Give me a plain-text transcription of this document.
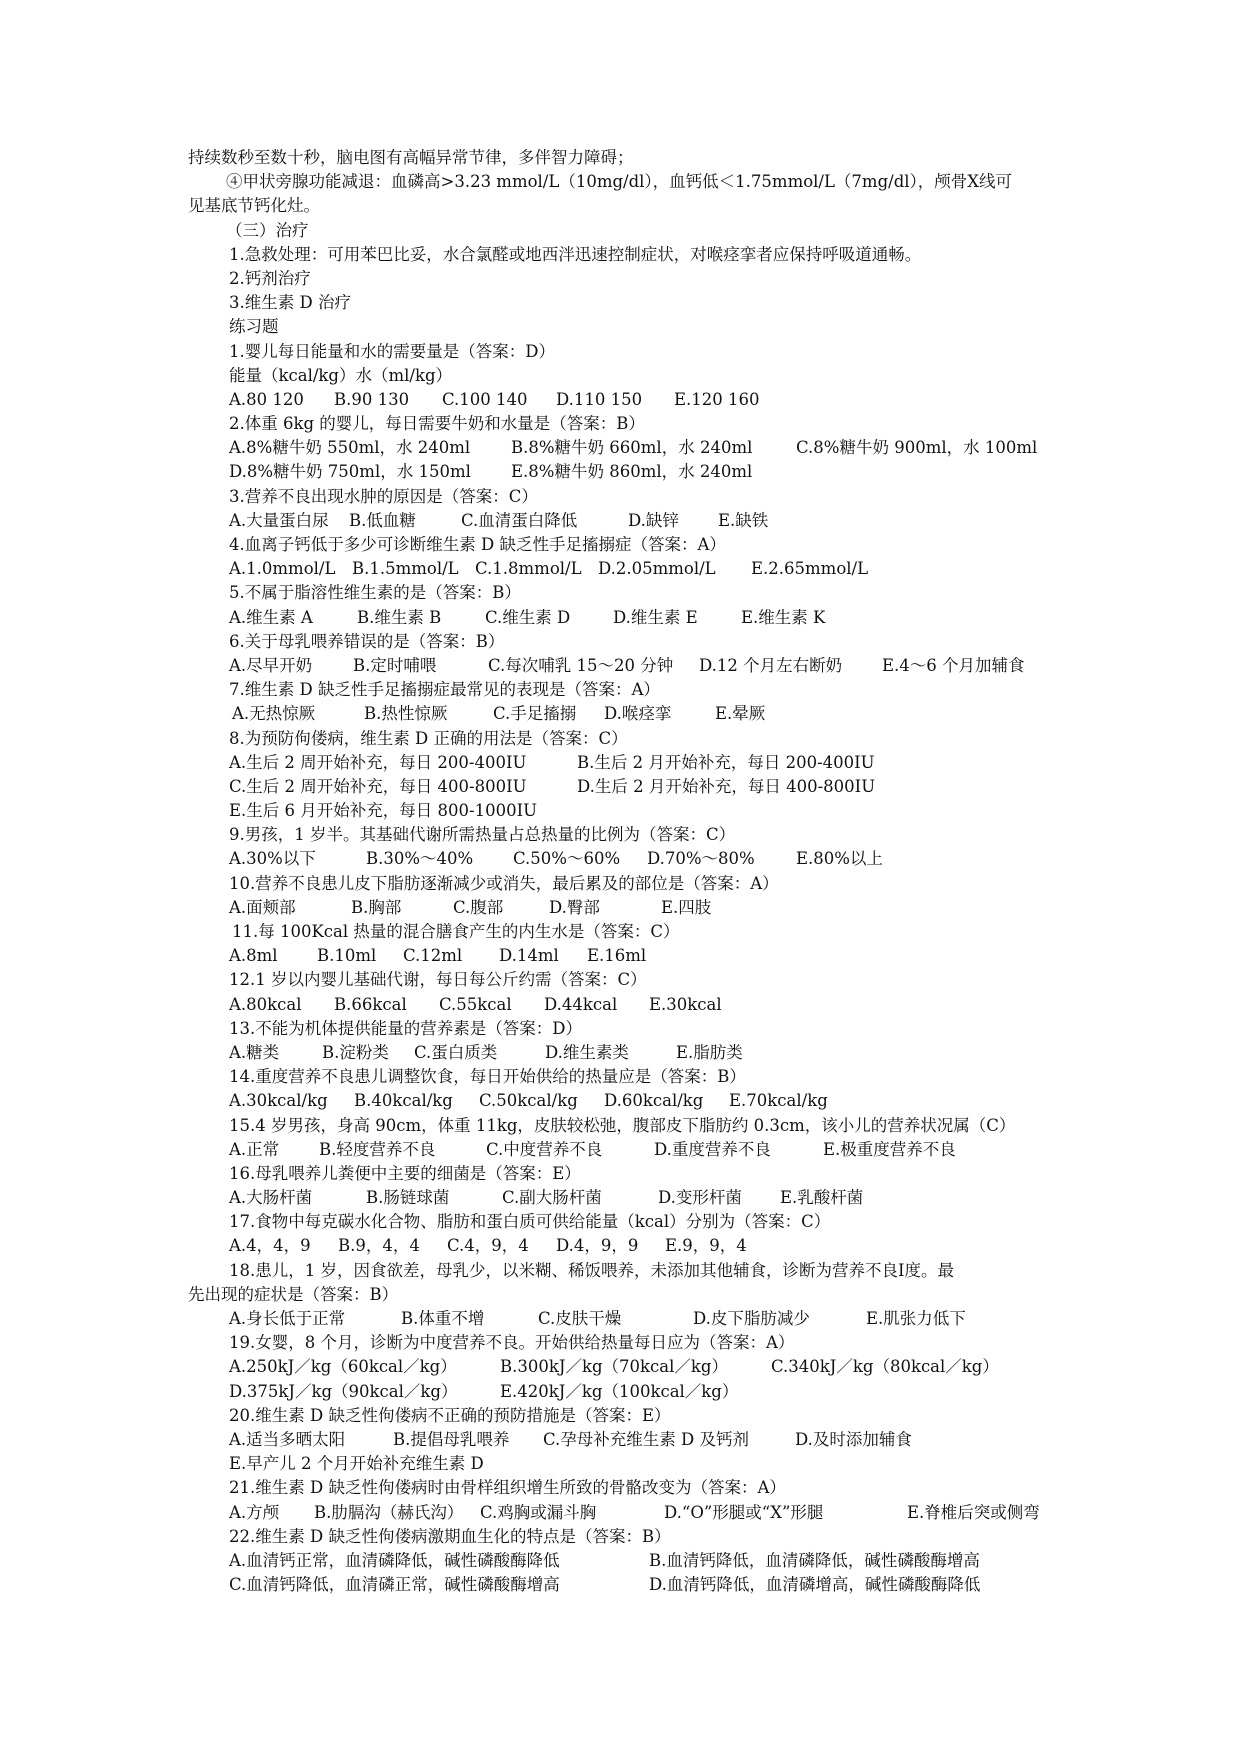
持续数秒至数十秒，脑电图有高幅异常节律，多伴智力障碍；
④甲状旁腺功能减退：血磷高>3.23 mmol/L（10mg/dl），血钙低＜1.75mmol/L（7mg/dl），颅骨Ⅹ线可
见基底节钙化灶。
（三）治疗
1.急救处理：可用苯巴比妥，水合氯醛或地西泮迅速控制症状，对喉痉挛者应保持呼吸道通畅。
2.钙剂治疗
3.维生素 D 治疗
练习题
1.婴儿每日能量和水的需要量是（答案：D）
能量（kcal/kg）水（ml/kg）
A.80 120 B.90 130 C.100 140 D.110 150 E.120 160
2.体重 6kg 的婴儿，每日需要牛奶和水量是（答案：B）
A.8%糖牛奶 550ml，水 240ml B.8%糖牛奶 660ml，水 240ml	C.8%糖牛奶 900ml，水 100ml
D.8%糖牛奶 750ml，水 150ml E.8%糖牛奶 860ml，水 240ml
3.营养不良出现水肿的原因是（答案：C）
A.大量蛋白尿 B.低血糖	C.血清蛋白降低	D.缺锌 E.缺铁
4.血离子钙低于多少可诊断维生素 D 缺乏性手足搐搦症（答案：A）
A.1.0mmol/L B.1.5mmol/L C.1.8mmol/L D.2.05mmol/L E.2.65mmol/L
5.不属于脂溶性维生素的是（答案：B）
A.维生素 A	B.维生素 B	C.维生素 D	D.维生素 E	E.维生素 K
6.关于母乳喂养错误的是（答案：B）
A.尽早开奶 B.定时哺喂	C.每次哺乳 15～20 分钟 D.12 个月左右断奶 E.4～6 个月加辅食
7.维生素 D 缺乏性手足搐搦症最常见的表现是（答案：A）
A.无热惊厥	B.热性惊厥	C.手足搐搦 D.喉痉挛	E.晕厥
8.为预防佝偻病，维生素 D 正确的用法是（答案：C）
A.生后 2 周开始补充，每日 200-400IU	B.生后 2 月开始补充，每日 200-400IU
C.生后 2 周开始补充，每日 400-800IU	D.生后 2 月开始补充，每日 400-800IU
E.生后 6 月开始补充，每日 800-1000IU
9.男孩，1 岁半。其基础代谢所需热量占总热量的比例为（答案：C）
A.30%以下	B.30%～40% C.50%～60% D.70%～80%	E.80%以上
10.营养不良患儿皮下脂肪逐渐减少或消失，最后累及的部位是（答案：A）
A.面颊部	B.胸部	C.腹部	D.臀部	E.四肢
11.每 100Kcal 热量的混合膳食产生的内生水是（答案：C）
A.8ml B.10ml C.12ml D.14ml E.16ml
12.1 岁以内婴儿基础代谢，每日每公斤约需（答案：C）
A.80kcal B.66kcal C.55kcal D.44kcal E.30kcal
13.不能为机体提供能量的营养素是（答案：D）
A.糖类	B.淀粉类 C.蛋白质类	D.维生素类	E.脂肪类
14.重度营养不良患儿调整饮食，每日开始供给的热量应是（答案：B）
A.30kcal/kg B.40kcal/kg C.50kcal/kg D.60kcal/kg E.70kcal/kg
15.4 岁男孩，身高 90cm，体重 11kg，皮肤较松弛，腹部皮下脂肪约 0.3cm，该小儿的营养状况属（C）
A.正常 B.轻度营养不良	C.中度营养不良	D.重度营养不良	E.极重度营养不良
16.母乳喂养儿粪便中主要的细菌是（答案：E）
A.大肠杆菌	B.肠链球菌	C.副大肠杆菌	D.变形杆菌 E.乳酸杆菌
17.食物中每克碳水化合物、脂肪和蛋白质可供给能量（kcal）分别为（答案：C）
A.4，4，9 B.9，4，4 C.4，9，4 D.4，9，9 E.9，9，4
18.患儿，1 岁，因食欲差，母乳少，以米糊、稀饭喂养，未添加其他辅食，诊断为营养不良Ⅰ度。最
先出现的症状是（答案：B）
A.身长低于正常	B.体重不增	C.皮肤干燥	D.皮下脂肪减少	E.肌张力低下
19.女婴，8 个月，诊断为中度营养不良。开始供给热量每日应为（答案：A）
A.250kJ／kg（60kcal／kg）	B.300kJ／kg（70kcal／kg）	C.340kJ／kg（80kcal／kg）
D.375kJ／kg（90kcal／kg）	E.420kJ／kg（100kcal／kg）
20.维生素 D 缺乏性佝偻病不正确的预防措施是（答案：E）
A.适当多晒太阳	B.提倡母乳喂养 C.孕母补充维生素 D 及钙剂	D.及时添加辅食
E.早产儿 2 个月开始补充维生素 D
21.维生素 D 缺乏性佝偻病时由骨样组织增生所致的骨骼改变为（答案：A）
A.方颅 B.肋膈沟（赫氏沟） C.鸡胸或漏斗胸	D.“O”形腿或“X”形腿	E.脊椎后突或侧弯
22.维生素 D 缺乏性佝偻病激期血生化的特点是（答案：B）
A.血清钙正常，血清磷降低，碱性磷酸酶降低	B.血清钙降低，血清磷降低，碱性磷酸酶增高
C.血清钙降低，血清磷正常，碱性磷酸酶增高	D.血清钙降低，血清磷增高，碱性磷酸酶降低
